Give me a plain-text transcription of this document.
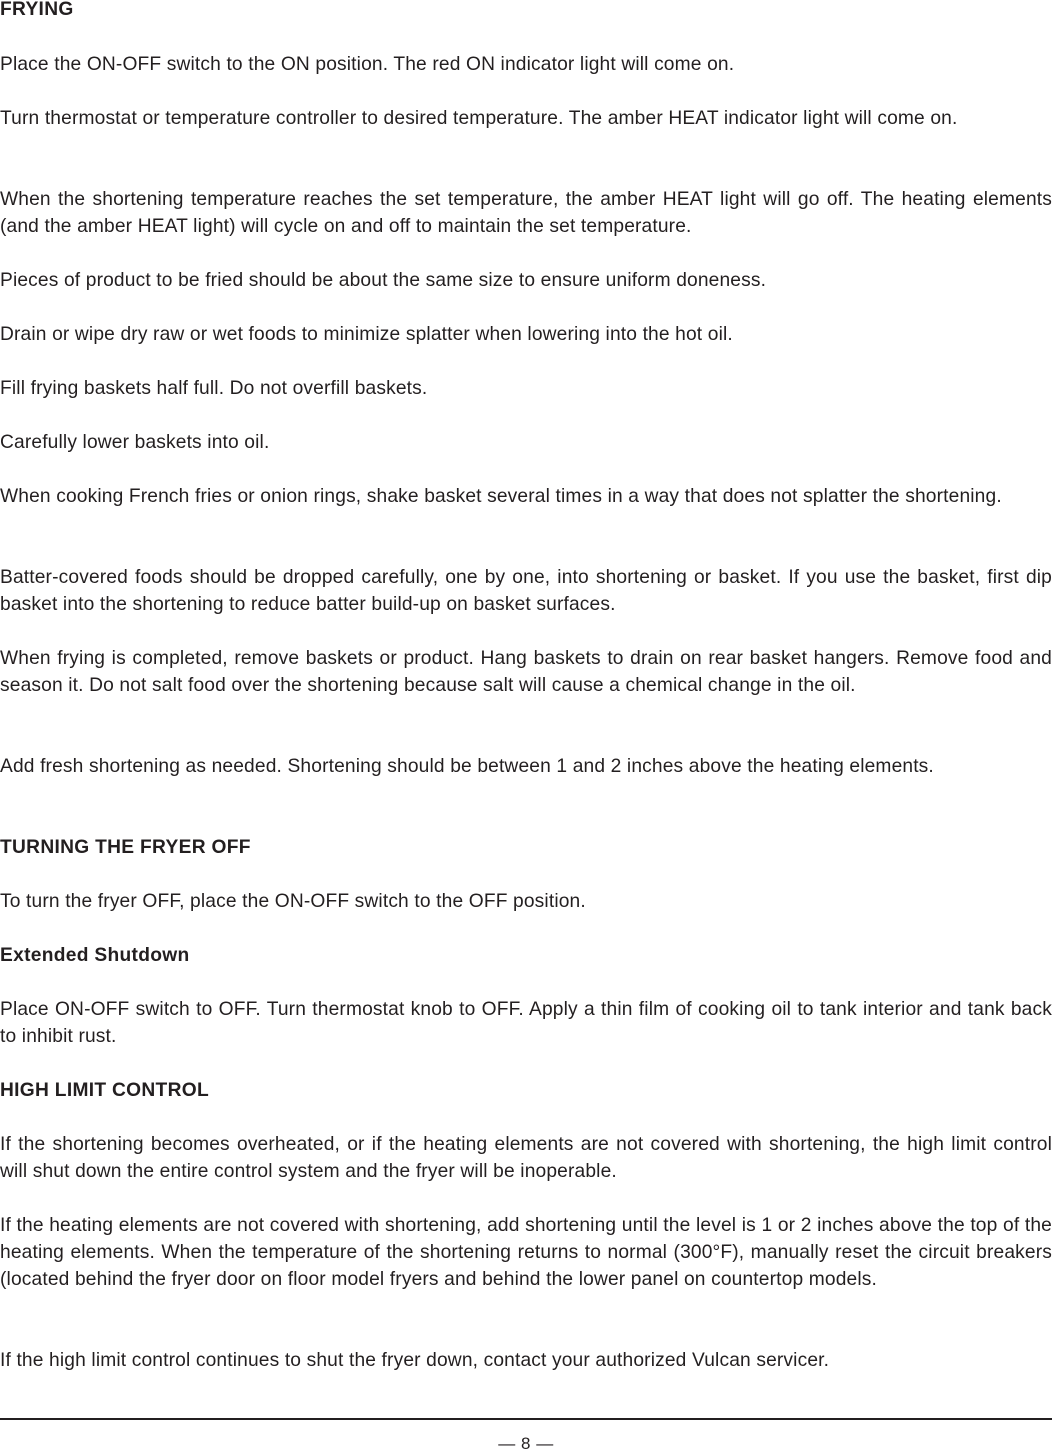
FRYING

Place the ON-OFF switch to the ON position. The red ON indicator light will come on.

Turn thermostat or temperature controller to desired temperature. The amber HEAT indicator light will come on.

When the shortening temperature reaches the set temperature, the amber HEAT light will go off. The heating elements (and the amber HEAT light) will cycle on and off to maintain the set temperature.

Pieces of product to be fried should be about the same size to ensure uniform doneness.

Drain or wipe dry raw or wet foods to minimize splatter when lowering into the hot oil.

Fill frying baskets half full. Do not overfill baskets.

Carefully lower baskets into oil.

When cooking French fries or onion rings, shake basket several times in a way that does not splatter the shortening.

Batter-covered foods should be dropped carefully, one by one, into shortening or basket. If you use the basket, first dip basket into the shortening to reduce batter build-up on basket surfaces.

When frying is completed, remove baskets or product. Hang baskets to drain on rear basket hangers. Remove food and season it. Do not salt food over the shortening because salt will cause a chemical change in the oil.

Add fresh shortening as needed. Shortening should be between 1 and 2 inches above the heating elements.

TURNING THE FRYER OFF

To turn the fryer OFF, place the ON-OFF switch to the OFF position.

Extended Shutdown

Place ON-OFF switch to OFF. Turn thermostat knob to OFF. Apply a thin film of cooking oil to tank interior and tank back to inhibit rust.

HIGH LIMIT CONTROL

If the shortening becomes overheated, or if the heating elements are not covered with shortening, the high limit control will shut down the entire control system and the fryer will be inoperable.

If the heating elements are not covered with shortening, add shortening until the level is 1 or 2 inches above the top of the heating elements. When the temperature of the shortening returns to normal (300°F), manually reset the circuit breakers (located behind the fryer door on floor model fryers and behind the lower panel on countertop models.

If the high limit control continues to shut the fryer down, contact your authorized Vulcan servicer.

— 8 —
